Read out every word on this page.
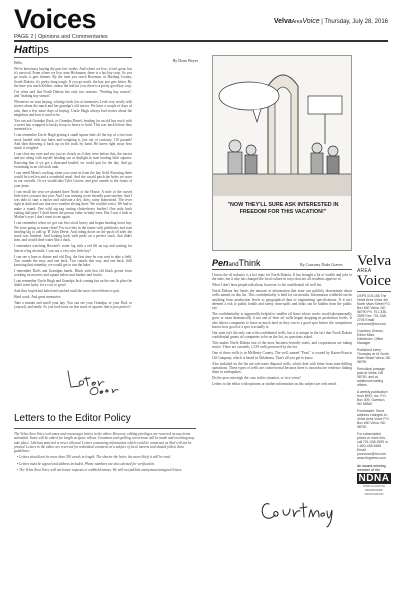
Voices
PAGE 2 | Opinions and Commentaries
VelvaAreaVoice | Thursday, July 28, 2016
Hattips

Hello,

We've been busy buying the past few weeks. And where we live, it isn't great, but it's survival. From where we live, near Hickmann, there is a hot hay crop. As you go south, it gets thinner. By the time you reach Bowman, in Harding County, South Dakota, it's pretty dang tough. If you go north, the hay just gets better. By the time you reach Kildeer, unless the hail hit you, there is a pretty good hay crop.

I've often said that North Dakota has only two seasons: "Feeding hay season", and "making hay season".

Whenever we start haying, it brings back lots of memories. Leah very wisely tells stories about the ranch and her grandpa's old tractor. We have a couple of days of rain, then a few more days of haying. Uncle Hugh always had stories about the neighbors and how it used to be.

You can ask Grandpa (Jack, or Grandpa Darrel, heading for an old hay truck with a sweet hay wrapped to bucky hoop so heavy to hold. This was back before they invented ice.

I can remember Uncle Hugh getting a small square bale off the top of a two-tour truck loaded with hay bales and weighing it, just out of curiosity. 110 pounds! And then throwing it back up on the truck by hand. He knew right away how much it weighed.

I can close my eyes and see, just as clearly as if they were before this, the tractor and me along with myself heading out at daylight to start hauling little squares. Knowing that if we got a thousand hauled, we could quit for the day. And go swimming in an old stock tank.

I can smell Mom's cooking when you come in from the hay field. Knowing there would be iced tea and a wonderful meal. And she would patch the holes we wore in our overalls. Or we would take Tyler Grover, and give camels to the fronts of your jeans.

I can recall the year we planted three North of the House. A mile of the cursed little trees you met last year. And I was trusting a tree friendly pure rancher. And I was able to start a tractor and cultivate a dry, dirty, rainy homestead. The river right at dark and saw that new weather slicing there. We couldn't resist. We had to make a round. One wild zig-zag cutting chokecherry bushes! One mile back cutting half pine! I don't know the person value in baby trees. But I saw a look in Mother's eyes I don't want to see again.

I can remember when we got our first stock heavy and began heading loose hay. We were going to some clean! For two bits in the frame with pitchforks and start heading big to add up 'R' John Deere. And riding down on the push off after the stack was finished. And looking back with pride on a perfect stack, that didn't lean, and would shed water like a duck.

I remember watching Howard's water log with a red fill on top and waiting for him in a big uh smile. I was not a very nice little boy!

I can see a June or dinner and old Dog, the first time he was sent to take a field. Two rounds the easy, and one back. Two rounds this way, and one back. Still knowing that someday, we would get to run the baler.

I remember Dad's and Grandpas hands. Black with that old black grease from working on mowers and square balers and loaders and trucks.

I can remember Uncle Hugh and Grandpa Jack coming fun on the run. In place he didn't want lucky for a cow to grow!

And they hayed and baled and stacked until the snow forced them to quit.

Hard work. And great memories.

Take a minute and smell your hay. You can see your Grandpa, or your Dad, or yourself, and smile. As you look back on that stack of squares that is just perfect!

By Dean Weyer
Letters to the Editor Policy

The Velva Area Voice welcomes and encourages letters to the editor. However, editing privileges are reserved on any items submitted. Items will be edited for length as space allows. Grammar and spelling corrections will be made and rewriting may take place. Libelous material is never allowed. Letters containing information which could be construed as libel will not be printed. Letters to the editor are reserved for individual comment on a subject of local interest and should follow these guidelines:

• Letters should not be more than 350 words in length. The shorter the letter, the more likely it will be read.
• Letters must be signed and address included. Phone numbers are also advised for verification.
• The Velva Area Voice will not honor requests to withhold names. We will not publish anonymous/unsigned letters.
"NOW THEY'LL SURE ASK INTERESTED IN FREEDOM FOR THIS VACATION!"
PenandThink	By Courtney Duke Graves

I know the oil industry is a hot topic for North Dakota. It has brought a lot of wealth and jobs to the state, but it also has changed the local culture in ways that not all residents approve of.

What I don't hear people talk about, however, is the confidential oil well list.

North Dakota law limits the amount of information that state can publicly disseminate about wells named on this list. This confidentiality is held for six months. Information withheld can be anything from production levels to geographical data to engineering specifications. If it isn't deemed a risk to public health and safety, mini-spills and leaks can be hidden from the public eye.

The confidentiality is supposedly helpful to smaller oil firms whose works would phenomenally grow or more dramatically if not one of their oil wells began dropping in production levels. It also allows companies to lease as much land as they can to a good spot before the competition knows how good of a spot it actually is.

Our state isn't the only one with confidential wells, but it is unique in the fact that North Dakota confidential grants oil companies to be on the list, no questions asked.

This makes North Dakota one of the most business-friendly states, and corporations are taking notice. There are currently 1,319 wells protected by the list.

One of these wells is in McHenry County. The well, named "Pratt," is owned by Kaiser-Francis Oil Company, which is based in Oklahoma. That's all you get to know.

Also included on the list are salt-water disposal wells, which deal with brine from state-drilling operations. These types of wells are controversial because there is inconclusive evidence linking them to earthquakes.

Do the pros outweigh the cons in this situation, or vice versa?

Letters to the editor with opinions or further information on this subject are welcomed.

Velva
AREA
Voice
USPS 019-156 The Velva Area Voice 4th North Main Street P.O. Box 630 Velva, ND 58790 Ph: 701-338-2599 Fax: 701-338-2705 Email: yourvoice@srt.com
Courtney Graves, Editor Mark Dahlstrom, Office Manager
Published every Thursday at #1 North Main Street Velva, ND 58790
Periodical postage paid at Velva, ND 58790, and at additional mailing offices.
A weekly publication from BHG, Inc. P.O. Box 309, Garrison, ND 58540
Postmaster: Send address changes to: Velva Area Voice P.O. Box 630 Velva, ND 58790
For subscription prices or more info, call 701-338-2599 or 1-800-438-5485 Email: yourvoice@srt.com www.bhgnews.com
An award-winning member of the
NDNA
NORTH DAKOTA NEWSPAPER ASSOCIATION
